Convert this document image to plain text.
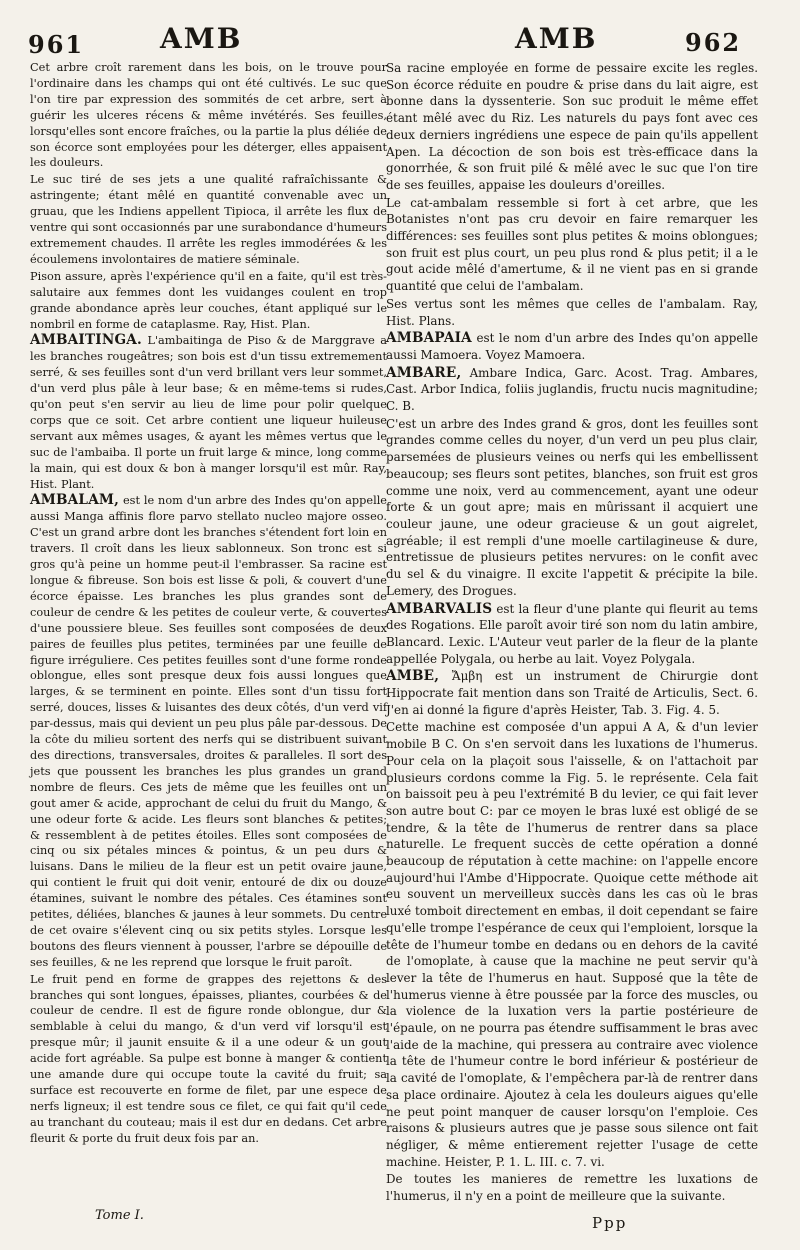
961	AMB	AMB	962

Cet arbre croît rarement dans les bois, on le trouve pour l'ordinaire dans les champs qui ont été cultivés. Le suc que l'on tire par expression des sommités de cet arbre, sert à guérir les ulceres récens & même invétérés. Ses feuilles, lorsqu'elles sont encore fraîches, ou la partie la plus déliée de son écorce sont employées pour les déterger, elles appaisent les douleurs.

Le suc tiré de ses jets a une qualité rafraîchissante & astringente; étant mêlé en quantité convenable avec un gruau, que les Indiens appellent Tipioca, il arrête les flux de ventre qui sont occasionnés par une surabondance d'humeurs extremement chaudes. Il arrête les regles immodérées & les écoulemens involontaires de matiere séminale.

Pison assure, après l'expérience qu'il en a faite, qu'il est très-salutaire aux femmes dont les vuidanges coulent en trop grande abondance après leur couches, étant appliqué sur le nombril en forme de cataplasme. Ray, Hist. Plan.

AMBAITINGA. L'ambaitinga de Piso & de Marggrave a les branches rougeâtres; son bois est d'un tissu extremement serré, & ses feuilles sont d'un verd brillant vers leur sommet, d'un verd plus pâle à leur base; & en même-tems si rudes, qu'on peut s'en servir au lieu de lime pour polir quelque corps que ce soit. Cet arbre contient une liqueur huileuse servant aux mêmes usages, & ayant les mêmes vertus que le suc de l'ambaiba. Il porte un fruit large & mince, long comme la main, qui est doux & bon à manger lorsqu'il est mûr. Ray, Hist. Plant.

AMBALAM, est le nom d'un arbre des Indes qu'on appelle aussi Manga affinis flore parvo stellato nucleo majore osseo. C'est un grand arbre dont les branches s'étendent fort loin en travers. Il croît dans les lieux sablonneux. Son tronc est si gros qu'à peine un homme peut-il l'embrasser. Sa racine est longue & fibreuse. Son bois est lisse & poli, & couvert d'une écorce épaisse. Les branches les plus grandes sont de couleur de cendre & les petites de couleur verte, & couvertes d'une poussiere bleue. Ses feuilles sont composées de deux paires de feuilles plus petites, terminées par une feuille de figure irréguliere. Ces petites feuilles sont d'une forme ronde oblongue, elles sont presque deux fois aussi longues que larges, & se terminent en pointe. Elles sont d'un tissu fort serré, douces, lisses & luisantes des deux côtés, d'un verd vif par-dessus, mais qui devient un peu plus pâle par-dessous. De la côte du milieu sortent des nerfs qui se distribuent suivant des directions, transversales, droites & paralleles. Il sort des jets que poussent les branches les plus grandes un grand nombre de fleurs. Ces jets de même que les feuilles ont un gout amer & acide, approchant de celui du fruit du Mango, & une odeur forte & acide. Les fleurs sont blanches & petites; & ressemblent à de petites étoiles. Elles sont composées de cinq ou six pétales minces & pointus, & un peu durs & luisans. Dans le milieu de la fleur est un petit ovaire jaune, qui contient le fruit qui doit venir, entouré de dix ou douze étamines, suivant le nombre des pétales. Ces étamines sont petites, déliées, blanches & jaunes à leur sommets. Du centre de cet ovaire s'élevent cinq ou six petits styles. Lorsque les boutons des fleurs viennent à pousser, l'arbre se dépouille de ses feuilles, & ne les reprend que lorsque le fruit paroît.

Le fruit pend en forme de grappes des rejettons & des branches qui sont longues, épaisses, pliantes, courbées & de couleur de cendre. Il est de figure ronde oblongue, dur & semblable à celui du mango, & d'un verd vif lorsqu'il est presque mûr; il jaunit ensuite & il a une odeur & un gout acide fort agréable. Sa pulpe est bonne à manger & contient une amande dure qui occupe toute la cavité du fruit; sa surface est recouverte en forme de filet, par une espece de nerfs ligneux; il est tendre sous ce filet, ce qui fait qu'il cede au tranchant du couteau; mais il est dur en dedans. Cet arbre fleurit & porte du fruit deux fois par an.

Sa racine employée en forme de pessaire excite les regles. Son écorce réduite en poudre & prise dans du lait aigre, est bonne dans la dyssenterie. Son suc produit le même effet étant mêlé avec du Riz. Les naturels du pays font avec ces deux derniers ingrédiens une espece de pain qu'ils appellent Apen. La décoction de son bois est très-efficace dans la gonorrhée, & son fruit pilé & mêlé avec le suc que l'on tire de ses feuilles, appaise les douleurs d'oreilles.

Le cat-ambalam ressemble si fort à cet arbre, que les Botanistes n'ont pas cru devoir en faire remarquer les différences: ses feuilles sont plus petites & moins oblongues; son fruit est plus court, un peu plus rond & plus petit; il a le gout acide mêlé d'amertume, & il ne vient pas en si grande quantité que celui de l'ambalam.

Ses vertus sont les mêmes que celles de l'ambalam. Ray, Hist. Plans.

AMBAPAIA est le nom d'un arbre des Indes qu'on appelle aussi Mamoera. Voyez Mamoera.

AMBARE, Ambare Indica, Garc. Acost. Trag. Ambares, Cast. Arbor Indica, foliis juglandis, fructu nucis magnitudine; C. B.

C'est un arbre des Indes grand & gros, dont les feuilles sont grandes comme celles du noyer, d'un verd un peu plus clair, parsemées de plusieurs veines ou nerfs qui les embellissent beaucoup; ses fleurs sont petites, blanches, son fruit est gros comme une noix, verd au commencement, ayant une odeur forte & un gout apre; mais en mûrissant il acquiert une couleur jaune, une odeur gracieuse & un gout aigrelet, agréable; il est rempli d'une moelle cartilagineuse & dure, entretissue de plusieurs petites nervures: on le confit avec du sel & du vinaigre. Il excite l'appetit & précipite la bile. Lemery, des Drogues.

AMBARVALIS est la fleur d'une plante qui fleurit au tems des Rogations. Elle paroît avoir tiré son nom du latin ambire, Blancard. Lexic. L'Auteur veut parler de la fleur de la plante appellée Polygala, ou herbe au lait. Voyez Polygala.

AMBE, Ἄμβη est un instrument de Chirurgie dont Hippocrate fait mention dans son Traité de Articulis, Sect. 6. J'en ai donné la figure d'après Heister, Tab. 3. Fig. 4. 5.

Cette machine est composée d'un appui A A, & d'un levier mobile B C. On s'en servoit dans les luxations de l'humerus. Pour cela on la plaçoit sous l'aisselle, & on l'attachoit par plusieurs cordons comme la Fig. 5. le représente. Cela fait on baissoit peu à peu l'extrémité B du levier, ce qui fait lever son autre bout C: par ce moyen le bras luxé est obligé de se tendre, & la tête de l'humerus de rentrer dans sa place naturelle. Le frequent succès de cette opération a donné beaucoup de réputation à cette machine: on l'appelle encore aujourd'hui l'Ambe d'Hippocrate. Quoique cette méthode ait eu souvent un merveilleux succès dans les cas où le bras luxé tomboit directement en embas, il doit cependant se faire qu'elle trompe l'espérance de ceux qui l'emploient, lorsque la tête de l'humeur tombe en dedans ou en dehors de la cavité de l'omoplate, à cause que la machine ne peut servir qu'à lever la tête de l'humerus en haut. Supposé que la tête de l'humerus vienne à être poussée par la force des muscles, ou la violence de la luxation vers la partie postérieure de l'épaule, on ne pourra pas étendre suffisamment le bras avec l'aide de la machine, qui pressera au contraire avec violence la tête de l'humeur contre le bord inférieur & postérieur de la cavité de l'omoplate, & l'empêchera par-là de rentrer dans sa place ordinaire. Ajoutez à cela les douleurs aigues qu'elle ne peut point manquer de causer lorsqu'on l'emploie. Ces raisons & plusieurs autres que je passe sous silence ont fait négliger, & même entierement rejetter l'usage de cette machine. Heister, P. 1. L. III. c. 7. vi.

De toutes les manieres de remettre les luxations de l'humerus, il n'y en a point de meilleure que la suivante.

Tome I.	Ppp
